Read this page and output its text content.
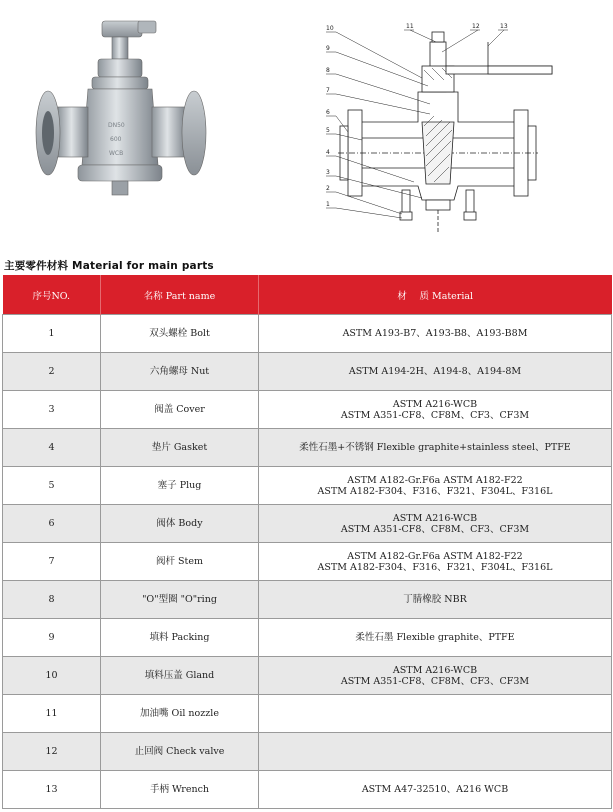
DN50
600
WCB
10
9
8
7
6
5
4
3
2
1
11	12	13
主要零件材料 Material for main parts
序号NO.	名称 Part name	材 　质 Material
1	双头螺栓 Bolt	ASTM A193-B7、A193-B8、A193-B8M

2	六角螺母 Nut	ASTM A194-2H、A194-8、A194-8M

3	阀盖 Cover	ASTM A216-WCB
ASTM A351-CF8、CF8M、CF3、CF3M

4	垫片 Gasket	柔性石墨+不锈钢 Flexible graphite+stainless steel、PTFE

5	塞子 Plug	ASTM A182-Gr.F6a ASTM A182-F22
ASTM A182-F304、F316、F321、F304L、F316L

6	阀体 Body	ASTM A216-WCB
ASTM A351-CF8、CF8M、CF3、CF3M

7	阀杆 Stem	ASTM A182-Gr.F6a ASTM A182-F22
ASTM A182-F304、F316、F321、F304L、F316L

8	"O"型圈 "O"ring	丁腈橡胶 NBR

9	填料 Packing	柔性石墨 Flexible graphite、PTFE

10	填料压盖 Gland	ASTM A216-WCB
ASTM A351-CF8、CF8M、CF3、CF3M

11	加油嘴 Oil nozzle	

12	止回阀 Check valve	

13	手柄 Wrench	ASTM A47-32510、A216 WCB
